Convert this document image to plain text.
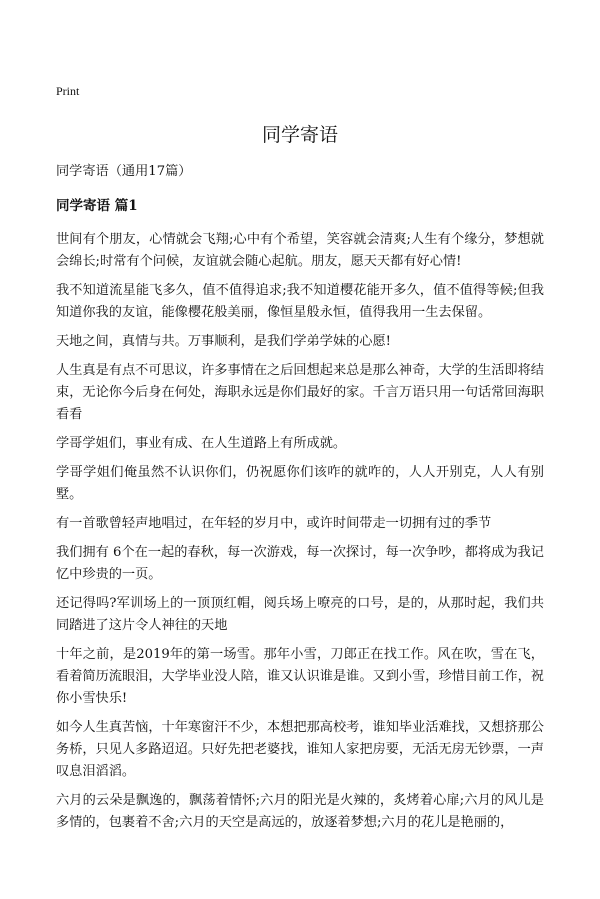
Print
同学寄语
同学寄语（通用17篇）
同学寄语 篇1

世间有个朋友，心情就会飞翔;心中有个希望，笑容就会清爽;人生有个缘分，梦想就会绵长;时常有个问候，友谊就会随心起航。朋友，愿天天都有好心情!

我不知道流星能飞多久，值不值得追求;我不知道樱花能开多久，值不值得等候;但我知道你我的友谊，能像樱花般美丽，像恒星般永恒，值得我用一生去保留。

天地之间，真情与共。万事顺利，是我们学弟学妹的心愿!

人生真是有点不可思议，许多事情在之后回想起来总是那么神奇，大学的生活即将结束，无论你今后身在何处，海职永远是你们最好的家。千言万语只用一句话常回海职看看

学哥学姐们，事业有成、在人生道路上有所成就。

学哥学姐们俺虽然不认识你们，仍祝愿你们该咋的就咋的，人人开别克，人人有别墅。

有一首歌曾轻声地唱过，在年轻的岁月中，或许时间带走一切拥有过的季节

我们拥有 6个在一起的春秋，每一次游戏，每一次探讨，每一次争吵，都将成为我记忆中珍贵的一页。

还记得吗?军训场上的一顶顶红帽，阅兵场上嘹亮的口号，是的，从那时起，我们共同踏进了这片令人神往的天地

十年之前，是2019年的第一场雪。那年小雪，刀郎正在找工作。风在吹，雪在飞，看着简历流眼泪，大学毕业没人陪，谁又认识谁是谁。又到小雪，珍惜目前工作，祝你小雪快乐!

如今人生真苦恼，十年寒窗汗不少，本想把那高校考，谁知毕业活难找，又想挤那公务桥，只见人多路迢迢。只好先把老婆找，谁知人家把房要，无活无房无钞票，一声叹息泪滔滔。

六月的云朵是飘逸的，飘荡着情怀;六月的阳光是火辣的，炙烤着心扉;六月的风儿是多情的，包裹着不舍;六月的天空是高远的，放逐着梦想;六月的花儿是艳丽的，
